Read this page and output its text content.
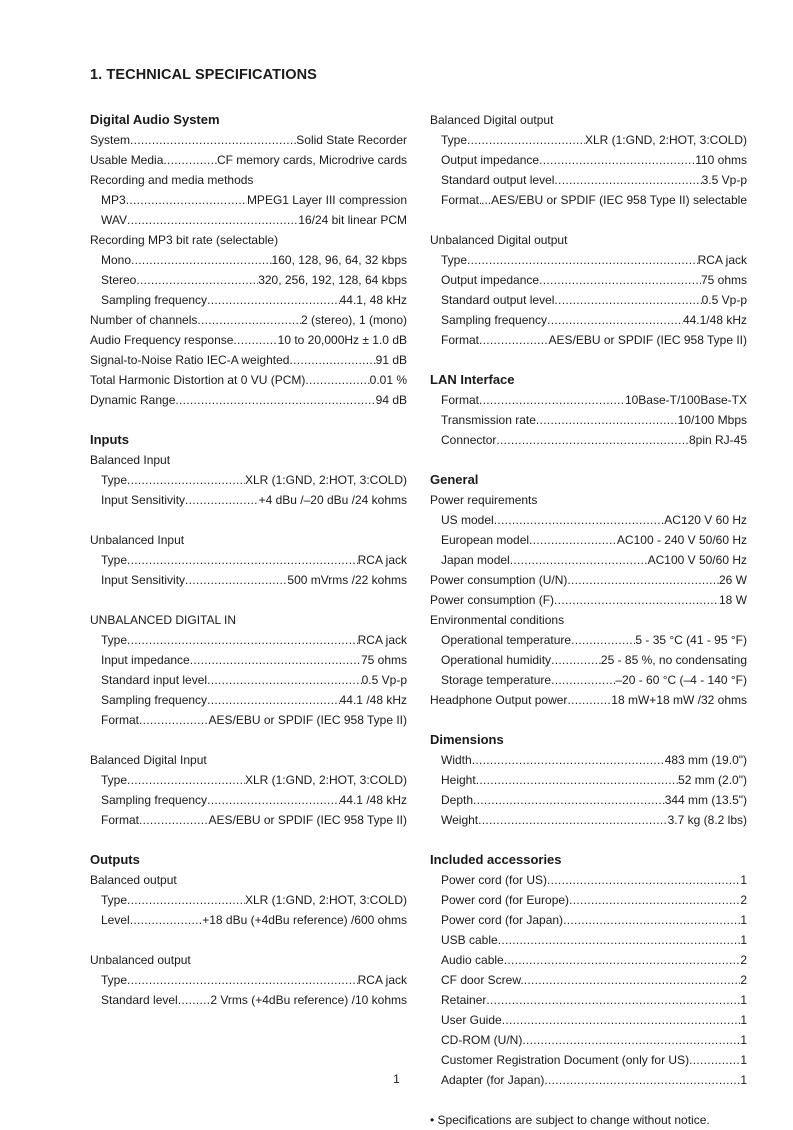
1. TECHNICAL SPECIFICATIONS
Digital Audio System
System .....	Solid State Recorder
Usable Media .....	CF memory cards, Microdrive cards
Recording and media methods
MP3 .....	MPEG1 Layer III compression
WAV .....	16/24 bit linear PCM
Recording MP3 bit rate (selectable)
Mono .....	160, 128, 96, 64, 32 kbps
Stereo .....	320, 256, 192, 128, 64 kbps
Sampling frequency .....	44.1, 48 kHz
Number of channels .....	2 (stereo), 1 (mono)
Audio Frequency response .....	10 to 20,000Hz ± 1.0 dB
Signal-to-Noise Ratio IEC-A weighted .....	91 dB
Total Harmonic Distortion at 0 VU (PCM) .....	0.01 %
Dynamic Range .....	94 dB
Inputs
Balanced Input
Type .....	XLR (1:GND, 2:HOT, 3:COLD)
Input Sensitivity .....	+4 dBu /–20 dBu /24 kohms
Unbalanced Input
Type .....	RCA jack
Input Sensitivity .....	500 mVrms /22 kohms
UNBALANCED DIGITAL IN
Type .....	RCA jack
Input impedance .....	75 ohms
Standard input level .....	0.5 Vp-p
Sampling frequency .....	44.1 /48 kHz
Format .....	AES/EBU or SPDIF (IEC 958 Type II)
Balanced Digital Input
Type .....	XLR (1:GND, 2:HOT, 3:COLD)
Sampling frequency .....	44.1 /48 kHz
Format .....	AES/EBU or SPDIF (IEC 958 Type II)
Outputs
Balanced output
Type .....	XLR (1:GND, 2:HOT, 3:COLD)
Level .....	+18 dBu (+4dBu reference) /600 ohms
Unbalanced output
Type .....	RCA jack
Standard level .....	2 Vrms (+4dBu reference) /10 kohms
Balanced Digital output
Type .....	XLR (1:GND, 2:HOT, 3:COLD)
Output impedance .....	110 ohms
Standard output level .....	3.5 Vp-p
Format ..... ...AES/EBU or SPDIF (IEC 958 Type II) selectable
Unbalanced Digital output
Type .....	RCA jack
Output impedance .....	75 ohms
Standard output level .....	0.5 Vp-p
Sampling frequency .....	44.1/48 kHz
Format .....	AES/EBU or SPDIF (IEC 958 Type II)
LAN Interface
Format .....	10Base-T/100Base-TX
Transmission rate .....	10/100 Mbps
Connector .....	8pin RJ-45
General
Power requirements
US model .....	AC120 V 60 Hz
European model .....	AC100 - 240 V 50/60 Hz
Japan model .....	AC100 V 50/60 Hz
Power consumption (U/N) .....	26 W
Power consumption (F) .....	18 W
Environmental conditions
Operational temperature .....	5 - 35 °C (41 - 95 °F)
Operational humidity .....	25 - 85 %, no condensating
Storage temperature .....	–20 - 60 °C (–4 - 140 °F)
Headphone Output power .....	18 mW+18 mW /32 ohms
Dimensions
Width .....	483 mm (19.0")
Height .....	52 mm (2.0")
Depth .....	344 mm (13.5")
Weight .....	3.7 kg (8.2 lbs)
Included accessories
Power cord (for US) .....	1
Power cord (for Europe) .....	2
Power cord (for Japan) .....	1
USB cable .....	1
Audio cable .....	2
CF door Screw. .....	2
Retainer .....	1
User Guide .....	1
CD-ROM (U/N) .....	1
Customer Registration Document (only for US) .....	1
Adapter (for Japan) .....	1
• Specifications are subject to change without notice.
1
